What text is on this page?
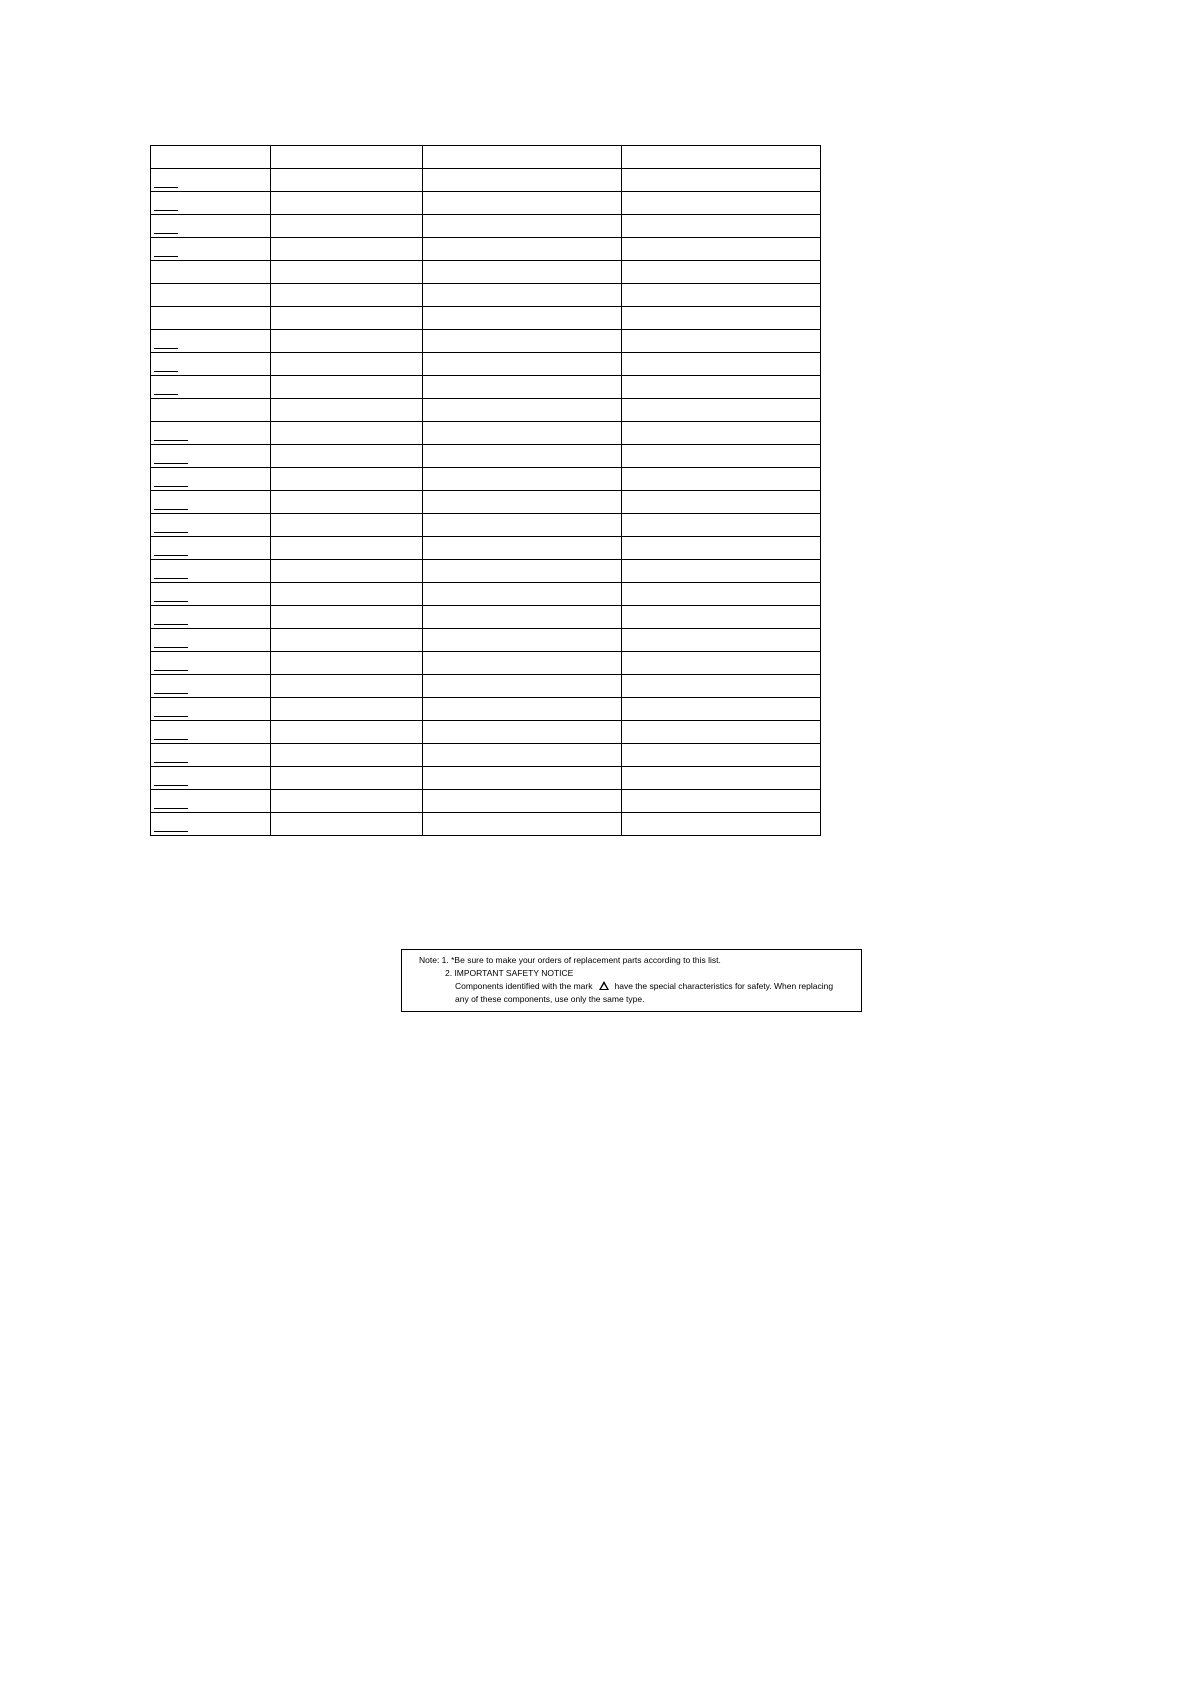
Note: 1. *Be sure to make your orders of replacement parts according to this list.
2. IMPORTANT SAFETY NOTICE
Components identified with the mark	have the special characteristics for safety. When replacing
any of these components, use only the same type.
